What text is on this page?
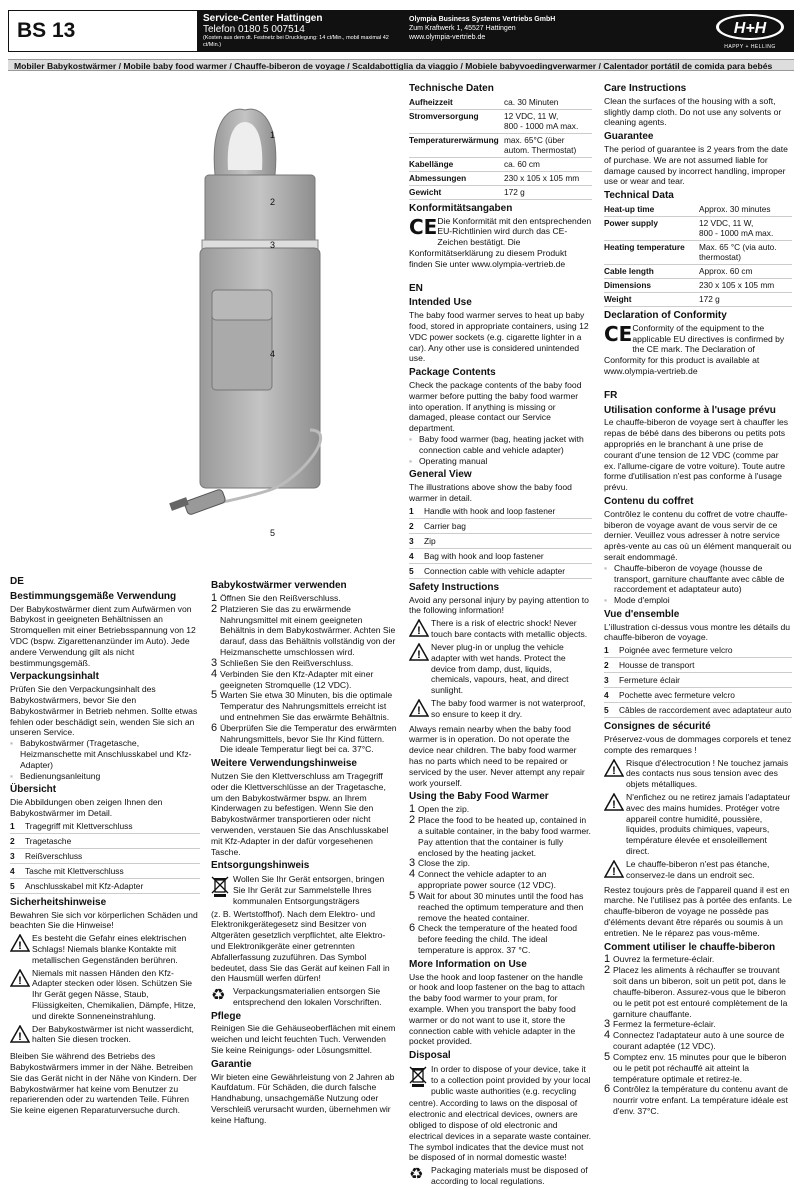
BS 13
Service-Center Hattingen
Telefon 0180 5 007514
(Kosten aus dem dt. Festnetz bei Drucklegung: 14 ct/Min., mobil maximal 42 ct/Min.)
Olympia Business Systems Vertriebs GmbH
Zum Kraftwerk 1, 45527 Hattingen
www.olympia-vertrieb.de
H+H
HAPPY + HELLING
Mobiler Babykostwärmer / Mobile baby food warmer / Chauffe-biberon de voyage / Scaldabottiglia da viaggio / Mobiele babyvoedingverwarmer / Calentador portátil de comida para bebés
1
2
3
4
5
DE
Bestimmungsgemäße Verwendung

Der Babykostwärmer dient zum Aufwärmen von Babykost in geeigneten Behältnissen an Stromquellen mit einer Betriebsspannung von 12 VDC (bspw. Zigarettenanzünder im Auto). Jede andere Verwendung gilt als nicht bestimmungsgemäß.

Verpackungsinhalt

Prüfen Sie den Verpackungsinhalt des Babykostwärmers, bevor Sie den Babykostwärmer in Betrieb nehmen. Sollte etwas fehlen oder beschädigt sein, wenden Sie sich an unseren Service.

▪ Babykostwärmer (Tragetasche, Heizmanschette mit Anschlusskabel und Kfz-Adapter)

▪ Bedienungsanleitung

Übersicht

Die Abbildungen oben zeigen Ihnen den Babykostwärmer im Detail.

1	Tragegriff mit Klettverschluss
2	Tragetasche
3	Reißverschluss
4	Tasche mit Klettverschluss
5	Anschlusskabel mit Kfz-Adapter
Sicherheitshinweise

Bewahren Sie sich vor körperlichen Schäden und beachten Sie die Hinweise!

!
Es besteht die Gefahr eines elektrischen Schlags! Niemals blanke Kontakte mit metallischen Gegenständen berühren.
!
Niemals mit nassen Händen den Kfz-Adapter stecken oder lösen. Schützen Sie Ihr Gerät gegen Nässe, Staub, Flüssigkeiten, Chemikalien, Dämpfe, Hitze, und direkte Sonneneinstrahlung.
!
Der Babykostwärmer ist nicht wasserdicht, halten Sie diesen trocken.

Bleiben Sie während des Betriebs des Babykostwärmers immer in der Nähe. Betreiben Sie das Gerät nicht in der Nähe von Kindern. Der Babykostwärmer hat keine vom Benutzer zu reparierenden oder zu wartenden Teile. Führen Sie keine eigenen Reparaturversuche durch.

Babykostwärmer verwenden
1 Öffnen Sie den Reißverschluss.
2 Platzieren Sie das zu erwärmende Nahrungsmittel mit einem geeigneten Behältnis in dem Babykostwärmer. Achten Sie darauf, dass das Behältnis vollständig von der Heizmanschette umschlossen wird.
3 Schließen Sie den Reißverschluss.
4 Verbinden Sie den Kfz-Adapter mit einer geeigneten Stromquelle (12 VDC).
5 Warten Sie etwa 30 Minuten, bis die optimale Temperatur des Nahrungsmittels erreicht ist und entnehmen Sie das erwärmte Behältnis.
6 Überprüfen Sie die Temperatur des erwärmten Nahrungsmittels, bevor Sie Ihr Kind füttern. Die ideale Temperatur liegt bei ca. 37°C.
Weitere Verwendungshinweise

Nutzen Sie den Klettverschluss am Tragegriff oder die Klettverschlüsse an der Tragetasche, um den Babykostwärmer bspw. an Ihrem Kinderwagen zu befestigen. Wenn Sie den Babykostwärmer transportieren oder nicht verwenden, verstauen Sie das Anschlusskabel mit Kfz-Adapter in der dafür vorgesehenen Tasche.

Entsorgungshinweis
Wollen Sie Ihr Gerät entsorgen, bringen Sie Ihr Gerät zur Sammelstelle Ihres kommunalen Entsorgungsträgers

(z. B. Wertstoffhof). Nach dem Elektro- und Elektronikgerätegesetz sind Besitzer von Altgeräten gesetzlich verpflichtet, alte Elektro- und Elektronikgeräte einer getrennten Abfallerfassung zuzuführen. Das Symbol bedeutet, dass Sie das Gerät auf keinen Fall in den Hausmüll werfen dürfen!

♻ Verpackungsmaterialien entsorgen Sie entsprechend den lokalen Vorschriften.
Pflege

Reinigen Sie die Gehäuseoberflächen mit einem weichen und leicht feuchten Tuch. Verwenden Sie keine Reinigungs- oder Lösungsmittel.

Garantie

Wir bieten eine Gewährleistung von 2 Jahren ab Kaufdatum. Für Schäden, die durch falsche Handhabung, unsachgemäße Nutzung oder Verschleiß verursacht wurden, übernehmen wir keine Haftung.

Technische Daten
Aufheizzeit	ca. 30 Minuten
Stromversorgung	12 VDC, 11 W,
800 - 1000 mA max.
Temperaturerwärmung	max. 65°C (über autom. Thermostat)
Kabellänge	ca. 60 cm
Abmessungen	230 x 105 x 105 mm
Gewicht	172 g
Konformitätsangaben
CE Die Konformität mit den entsprechenden EU-Richtlinien wird durch das CE-Zeichen bestätigt. Die

Konformitätserklärung zu diesem Produkt finden Sie unter www.olympia-vertrieb.de

EN
Intended Use

The baby food warmer serves to heat up baby food, stored in appropriate containers, using 12 VDC power sockets (e.g. cigarette lighter in a car). Any other use is considered unintended use.

Package Contents

Check the package contents of the baby food warmer before putting the baby food warmer into operation. If anything is missing or damaged, please contact our Service department.

▪ Baby food warmer (bag, heating jacket with connection cable and vehicle adapter)

▪ Operating manual

General View

The illustrations above show the baby food warmer in detail.

1	Handle with hook and loop fastener
2	Carrier bag
3	Zip
4	Bag with hook and loop fastener
5	Connection cable with vehicle adapter
Safety Instructions

Avoid any personal injury by paying attention to the following information!

!
There is a risk of electric shock! Never touch bare contacts with metallic objects.
!
Never plug-in or unplug the vehicle adapter with wet hands. Protect the device from damp, dust, liquids, chemicals, vapours, heat, and direct sunlight.
!
The baby food warmer is not waterproof, so ensure to keep it dry.

Always remain nearby when the baby food warmer is in operation. Do not operate the device near children. The baby food warmer has no parts which need to be repaired or serviced by the user. Never attempt any repair work yourself.

Using the Baby Food Warmer
1 Open the zip.
2 Place the food to be heated up, contained in a suitable container, in the baby food warmer. Pay attention that the container is fully enclosed by the heating jacket.
3 Close the zip.
4 Connect the vehicle adapter to an appropriate power source (12 VDC).
5 Wait for about 30 minutes until the food has reached the optimum temperature and then remove the heated container.
6 Check the temperature of the heated food before feeding the child. The ideal temperature is approx. 37 °C.
More Information on Use

Use the hook and loop fastener on the handle or hook and loop fastener on the bag to attach the baby food warmer to your pram, for example. When you transport the baby food warmer or do not want to use it, store the connection cable with vehicle adapter in the pocket provided.

Disposal
In order to dispose of your device, take it to a collection point provided by your local public waste authorities (e.g. recycling

centre). According to laws on the disposal of electronic and electrical devices, owners are obliged to dispose of old electronic and electrical devices in a separate waste container. The symbol indicates that the device must not be disposed of in normal domestic waste!

♻ Packaging materials must be disposed of according to local regulations.
Care Instructions

Clean the surfaces of the housing with a soft, slightly damp cloth. Do not use any solvents or cleaning agents.

Guarantee

The period of guarantee is 2 years from the date of purchase. We are not assumed liable for damage caused by incorrect handling, improper use or wear and tear.

Technical Data
Heat-up time	Approx. 30 minutes
Power supply	12 VDC, 11 W,
800 - 1000 mA max.
Heating temperature	Max. 65 °C (via auto. thermostat)
Cable length	Approx. 60 cm
Dimensions	230 x 105 x 105 mm
Weight	172 g
Declaration of Conformity
CE Conformity of the equipment to the applicable EU directives is confirmed by the CE mark. The Declaration of

Conformity for this product is available at www.olympia-vertrieb.de

FR
Utilisation conforme à l'usage prévu

Le chauffe-biberon de voyage sert à chauffer les repas de bébé dans des biberons ou petits pots appropriés en le branchant à une prise de courant d'une tension de 12 VDC (comme par ex. l'allume-cigare de votre voiture). Toute autre forme d'utilisation n'est pas conforme à l'usage prévu.

Contenu du coffret

Contrôlez le contenu du coffret de votre chauffe-biberon de voyage avant de vous servir de ce dernier. Veuillez vous adresser à notre service après-vente au cas où un élément manquerait ou serait endommagé.

▪ Chauffe-biberon de voyage (housse de transport, garniture chauffante avec câble de raccordement et adaptateur auto)

▪ Mode d'emploi

Vue d'ensemble

L'illustration ci-dessus vous montre les détails du chauffe-biberon de voyage.

1	Poignée avec fermeture velcro
2	Housse de transport
3	Fermeture éclair
4	Pochette avec fermeture velcro
5	Câbles de raccordement avec adaptateur auto
Consignes de sécurité

Préservez-vous de dommages corporels et tenez compte des remarques !

!
Risque d'électrocution ! Ne touchez jamais des contacts nus sous tension avec des objets métalliques.
!
N'enfichez ou ne retirez jamais l'adaptateur avec des mains humides. Protéger votre appareil contre humidité, poussière, liquides, produits chimiques, vapeurs, température élevée et ensoleillement direct.
!
Le chauffe-biberon n'est pas étanche, conservez-le dans un endroit sec.

Restez toujours près de l'appareil quand il est en marche. Ne l'utilisez pas à portée des enfants. Le chauffe-biberon de voyage ne possède pas d'éléments devant être réparés ou soumis à un entretien. Ne le réparez pas vous-même.

Comment utiliser le chauffe-biberon
1 Ouvrez la fermeture-éclair.
2 Placez les aliments à réchauffer se trouvant soit dans un biberon, soit un petit pot, dans le chauffe-biberon. Assurez-vous que le biberon ou le petit pot est entouré complètement de la garniture chauffante.
3 Fermez la fermeture-éclair.
4 Connectez l'adaptateur auto à une source de courant adaptée (12 VDC).
5 Comptez env. 15 minutes pour que le biberon ou le petit pot réchauffé ait atteint la température optimale et retirez-le.
6 Contrôlez la température du contenu avant de nourrir votre enfant. La température idéale est d'env. 37°C.
